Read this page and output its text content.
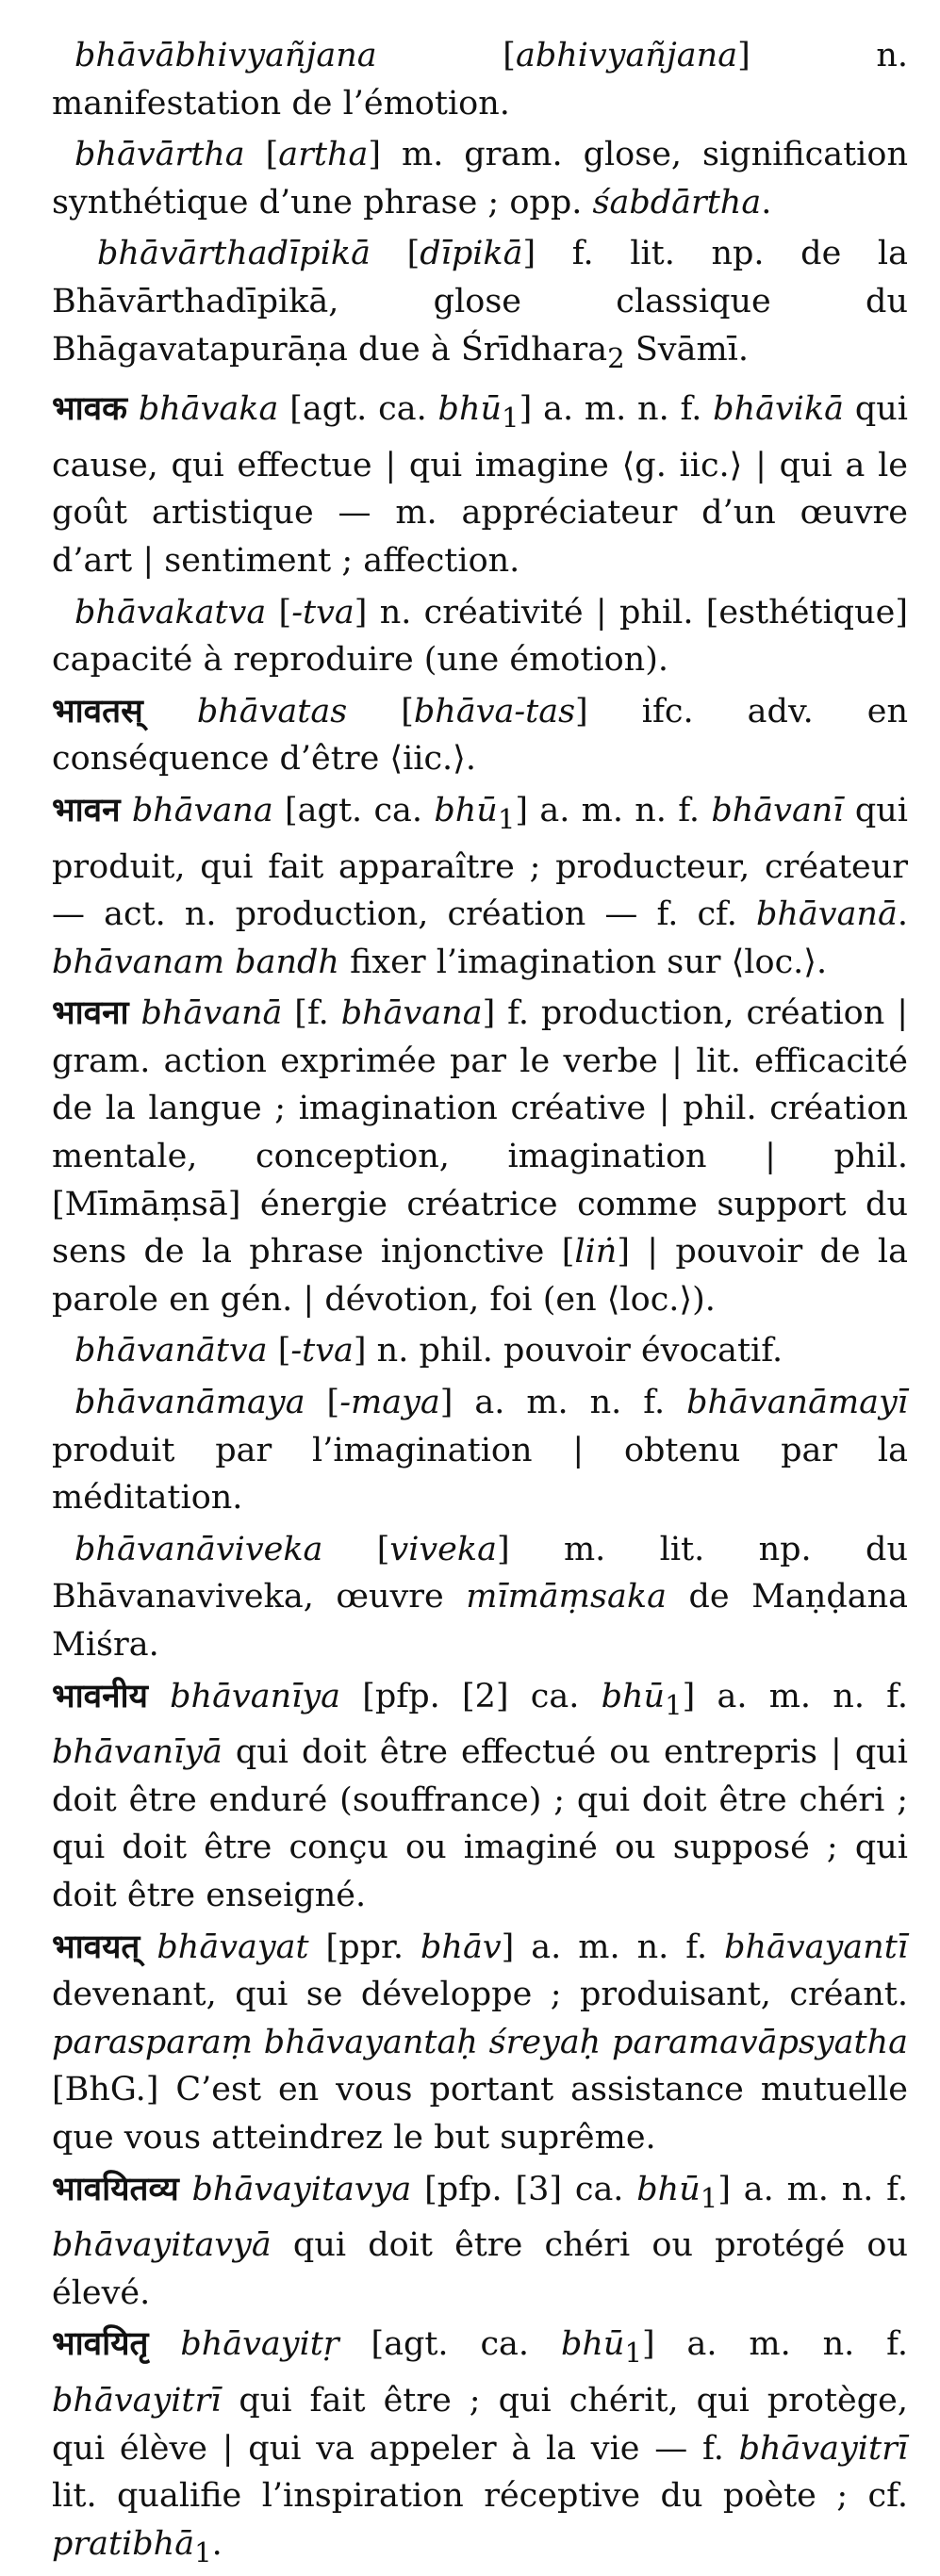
bhāvābhivyañjana [abhivyañjana] n. manifestation de l’émotion.

bhāvārtha [artha] m. gram. glose, signification synthétique d’une phrase ; opp. śabdārtha.

bhāvārthadīpikā [dīpikā] f. lit. np. de la Bhāvārthadīpikā, glose classique du Bhāgavatapurāṇa due à Śrīdhara$_2$ Svāmī.

भावक bhāvaka [agt. ca. bhū$_1$] a. m. n. f. bhāvikā qui cause, qui effectue | qui imagine ⟨g. iic.⟩ | qui a le goût artistique — m. appréciateur d’un œuvre d’art | sentiment ; affection.

bhāvakatva [-tva] n. créativité | phil. [esthétique] capacité à reproduire (une émotion).

भावतस् bhāvatas [bhāva-tas] ifc. adv. en conséquence d’être ⟨iic.⟩.

भावन bhāvana [agt. ca. bhū$_1$] a. m. n. f. bhāvanī qui produit, qui fait apparaître ; producteur, créateur — act. n. production, création — f. cf. bhāvanā. bhāvanam bandh fixer l’imagination sur ⟨loc.⟩.

भावना bhāvanā [f. bhāvana] f. production, création | gram. action exprimée par le verbe | lit. efficacité de la langue ; imagination créative | phil. création mentale, conception, imagination | phil. [Mīmāṃsā] énergie créatrice comme support du sens de la phrase injonctive [liṅ] | pouvoir de la parole en gén. | dévotion, foi (en ⟨loc.⟩).

bhāvanātva [-tva] n. phil. pouvoir évocatif.

bhāvanāmaya [-maya] a. m. n. f. bhāvanāmayī produit par l’imagination | obtenu par la méditation.

bhāvanāviveka [viveka] m. lit. np. du Bhāvanaviveka, œuvre mīmāṃsaka de Maṇḍana Miśra.

भावनीय bhāvanīya [pfp. [2] ca. bhū$_1$] a. m. n. f. bhāvanīyā qui doit être effectué ou entrepris | qui doit être enduré (souffrance) ; qui doit être chéri ; qui doit être conçu ou imaginé ou supposé ; qui doit être enseigné.

भावयत् bhāvayat [ppr. bhāv] a. m. n. f. bhāvayantī devenant, qui se développe ; produisant, créant. parasparaṃ bhāvayantaḥ śreyaḥ paramavāpsyatha [BhG.] C’est en vous portant assistance mutuelle que vous atteindrez le but suprême.

भावयितव्य bhāvayitavya [pfp. [3] ca. bhū$_1$] a. m. n. f. bhāvayitavyā qui doit être chéri ou protégé ou élevé.

भावयितृ bhāvayitṛ [agt. ca. bhū$_1$] a. m. n. f. bhāvayitrī qui fait être ; qui chérit, qui protège, qui élève | qui va appeler à la vie — f. bhāvayitrī lit. qualifie l’inspiration réceptive du poète ; cf. pratibhā$_1$.
